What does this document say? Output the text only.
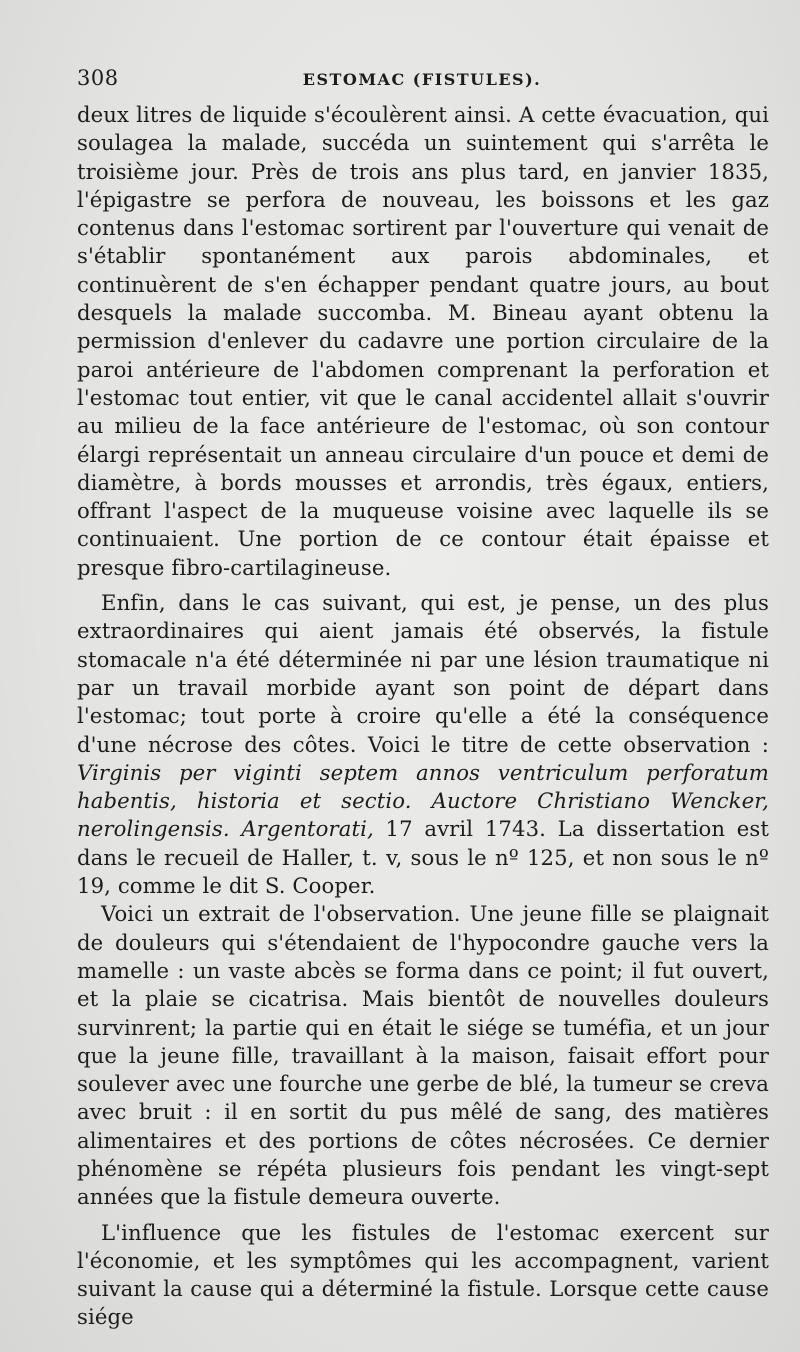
308	ESTOMAC (FISTULES).

deux litres de liquide s'écoulèrent ainsi. A cette évacuation, qui soulagea la malade, succéda un suintement qui s'arrêta le troisième jour. Près de trois ans plus tard, en janvier 1835, l'épigastre se perfora de nouveau, les boissons et les gaz contenus dans l'estomac sortirent par l'ouverture qui venait de s'établir spontanément aux parois abdominales, et continuèrent de s'en échapper pendant quatre jours, au bout desquels la malade succomba. M. Bineau ayant obtenu la permission d'enlever du cadavre une portion circulaire de la paroi antérieure de l'abdomen comprenant la perforation et l'estomac tout entier, vit que le canal accidentel allait s'ouvrir au milieu de la face antérieure de l'estomac, où son contour élargi représentait un anneau circulaire d'un pouce et demi de diamètre, à bords mousses et arrondis, très égaux, entiers, offrant l'aspect de la muqueuse voisine avec laquelle ils se continuaient. Une portion de ce contour était épaisse et presque fibro-cartilagineuse.

Enfin, dans le cas suivant, qui est, je pense, un des plus extraordinaires qui aient jamais été observés, la fistule stomacale n'a été déterminée ni par une lésion traumatique ni par un travail morbide ayant son point de départ dans l'estomac; tout porte à croire qu'elle a été la conséquence d'une nécrose des côtes. Voici le titre de cette observation : Virginis per viginti septem annos ventriculum perforatum habentis, historia et sectio. Auctore Christiano Wencker, nerolingensis. Argentorati, 17 avril 1743. La dissertation est dans le recueil de Haller, t. v, sous le nº 125, et non sous le nº 19, comme le dit S. Cooper.

Voici un extrait de l'observation. Une jeune fille se plaignait de douleurs qui s'étendaient de l'hypocondre gauche vers la mamelle : un vaste abcès se forma dans ce point; il fut ouvert, et la plaie se cicatrisa. Mais bientôt de nouvelles douleurs survinrent; la partie qui en était le siége se tuméfia, et un jour que la jeune fille, travaillant à la maison, faisait effort pour soulever avec une fourche une gerbe de blé, la tumeur se creva avec bruit : il en sortit du pus mêlé de sang, des matières alimentaires et des portions de côtes nécrosées. Ce dernier phénomène se répéta plusieurs fois pendant les vingt-sept années que la fistule demeura ouverte.

L'influence que les fistules de l'estomac exercent sur l'économie, et les symptômes qui les accompagnent, varient suivant la cause qui a déterminé la fistule. Lorsque cette cause siége
